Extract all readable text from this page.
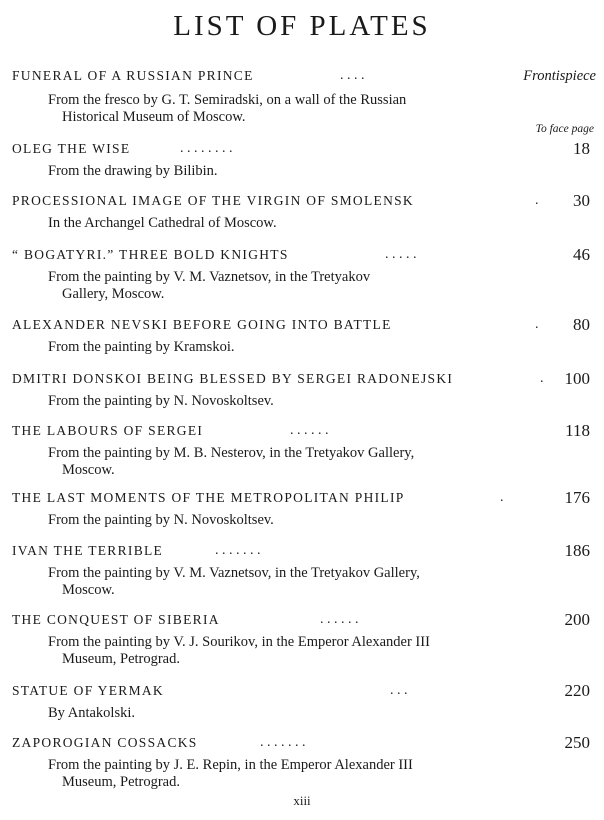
LIST OF PLATES
To face page
FUNERAL OF A RUSSIAN PRINCE	. . . .	Frontispiece
From the fresco by G. T. Semiradski, on a wall of the Russian
Historical Museum of Moscow.
OLEG THE WISE	. . . . . . . .	18
From the drawing by Bilibin.
PROCESSIONAL IMAGE OF THE VIRGIN OF SMOLENSK	. 30
In the Archangel Cathedral of Moscow.
“ BOGATYRI.” THREE BOLD KNIGHTS	. . . . .	46
From the painting by V. M. Vaznetsov, in the Tretyakov
Gallery, Moscow.
ALEXANDER NEVSKI BEFORE GOING INTO BATTLE	. 80
From the painting by Kramskoi.
DMITRI DONSKOI BEING BLESSED BY SERGEI RADONEJSKI	. 100
From the painting by N. Novoskoltsev.
THE LABOURS OF SERGEI	. . . . . .	118
From the painting by M. B. Nesterov, in the Tretyakov Gallery,
Moscow.
THE LAST MOMENTS OF THE METROPOLITAN PHILIP	.	176
From the painting by N. Novoskoltsev.
IVAN THE TERRIBLE	. . . . . . .	186
From the painting by V. M. Vaznetsov, in the Tretyakov Gallery,
Moscow.
THE CONQUEST OF SIBERIA	. . . . . .	200
From the painting by V. J. Sourikov, in the Emperor Alexander III
Museum, Petrograd.
STATUE OF YERMAK	. . .	220
By Antakolski.
ZAPOROGIAN COSSACKS	. . . . . . .	250
From the painting by J. E. Repin, in the Emperor Alexander III
Museum, Petrograd.
xiii
